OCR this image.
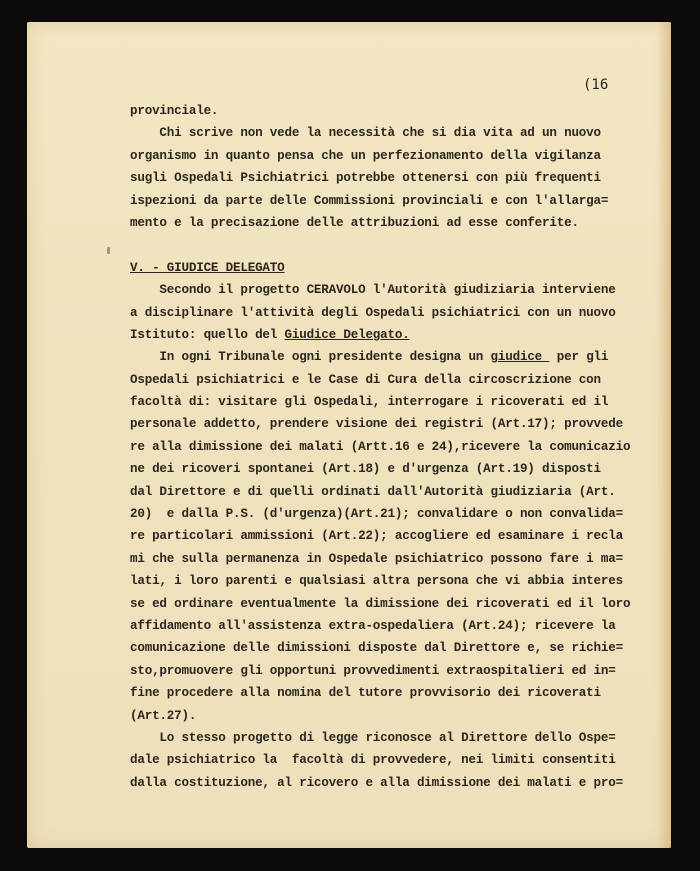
(16
provinciale.
Chi scrive non vede la necessità che si dia vita ad un nuovo
organismo in quanto pensa che un perfezionamento della vigilanza
sugli Ospedali Psichiatrici potrebbe ottenersi con più frequenti
ispezioni da parte delle Commissioni provinciali e con l'allarga=
mento e la precisazione delle attribuzioni ad esse conferite.
V. - GIUDICE DELEGATO
Secondo il progetto CERAVOLO l'Autorità giudiziaria interviene
a disciplinare l'attività degli Ospedali psichiatrici con un nuovo
Istituto: quello del Giudice Delegato.
In ogni Tribunale ogni presidente designa un giudice  per gli
Ospedali psichiatrici e le Case di Cura della circoscrizione con
facoltà di: visitare gli Ospedali, interrogare i ricoverati ed il
personale addetto, prendere visione dei registri (Art.17); provvede
re alla dimissione dei malati (Artt.16 e 24),ricevere la comunicazio
ne dei ricoveri spontanei (Art.18) e d'urgenza (Art.19) disposti
dal Direttore e di quelli ordinati dall'Autorità giudiziaria (Art.
20)  e dalla P.S. (d'urgenza)(Art.21); convalidare o non convalida=
re particolari ammissioni (Art.22); accogliere ed esaminare i recla
mi che sulla permanenza in Ospedale psichiatrico possono fare i ma=
lati, i loro parenti e qualsiasi altra persona che vi abbia interes
se ed ordinare eventualmente la dimissione dei ricoverati ed il loro
affidamento all'assistenza extra-ospedaliera (Art.24); ricevere la
comunicazione delle dimissioni disposte dal Direttore e, se richie=
sto,promuovere gli opportuni provvedimenti extraospitalieri ed in=
fine procedere alla nomina del tutore provvisorio dei ricoverati
(Art.27).
Lo stesso progetto di legge riconosce al Direttore dello Ospe=
dale psichiatrico la  facoltà di provvedere, nei limiti consentiti
dalla costituzione, al ricovero e alla dimissione dei malati e pro=
